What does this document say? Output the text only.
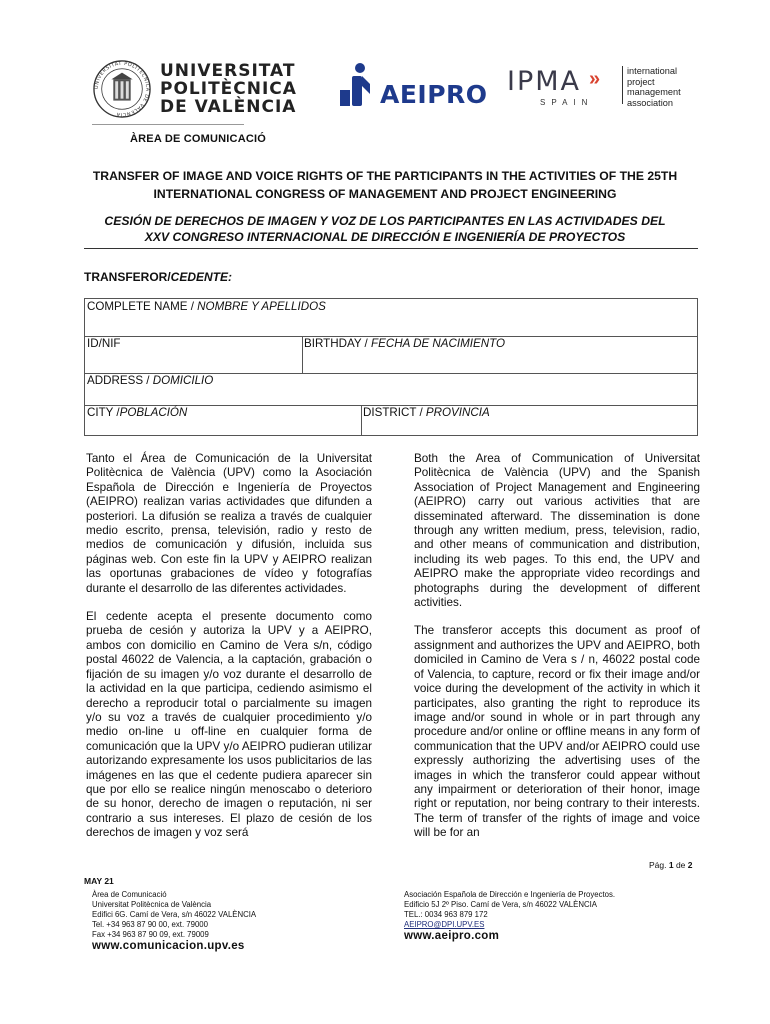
UNIVERSITAT POLITÈCNICA DE VALÈNCIA
UNIVERSITAT
POLITÈCNICA
DE VALÈNCIA
ÀREA DE COMUNICACIÓ
AEIPRO IPMA »
SPAIN
international
project
management
association
TRANSFER OF IMAGE AND VOICE RIGHTS OF THE PARTICIPANTS IN THE ACTIVITIES OF THE 25TH
INTERNATIONAL CONGRESS OF MANAGEMENT AND PROJECT ENGINEERING
CESIÓN DE DERECHOS DE IMAGEN Y VOZ DE LOS PARTICIPANTES EN LAS ACTIVIDADES DEL
XXV CONGRESO INTERNACIONAL DE DIRECCIÓN E INGENIERÍA DE PROYECTOS
TRANSFEROR/CEDENTE:
COMPLETE NAME / NOMBRE Y APELLIDOS
ID/NIF	BIRTHDAY / FECHA DE NACIMIENTO
ADDRESS / DOMICILIO
CITY /POBLACIÓN	DISTRICT / PROVINCIA

Tanto el Área de Comunicación de la Universitat Politècnica de València (UPV) como la Asociación Española de Dirección e Ingeniería de Proyectos (AEIPRO) realizan varias actividades que difunden a posteriori. La difusión se realiza a través de cualquier medio escrito, prensa, televisión, radio y resto de medios de comunicación y difusión, incluida sus páginas web. Con este fin la UPV y AEIPRO realizan las oportunas grabaciones de vídeo y fotografías durante el desarrollo de las diferentes actividades.

El cedente acepta el presente documento como prueba de cesión y autoriza la UPV y a AEIPRO, ambos con domicilio en Camino de Vera s/n, código postal 46022 de Valencia, a la captación, grabación o fijación de su imagen y/o voz durante el desarrollo de la actividad en la que participa, cediendo asimismo el derecho a reproducir total o parcialmente su imagen y/o su voz a través de cualquier procedimiento y/o medio on-line u off-line en cualquier forma de comunicación que la UPV y/o AEIPRO pudieran utilizar autorizando expresamente los usos publicitarios de las imágenes en las que el cedente pudiera aparecer sin que por ello se realice ningún menoscabo o deterioro de su honor, derecho de imagen o reputación, ni ser contrario a sus intereses. El plazo de cesión de los derechos de imagen y voz será

Both the Area of Communication of Universitat Politècnica de València (UPV) and the Spanish Association of Project Management and Engineering (AEIPRO) carry out various activities that are disseminated afterward. The dissemination is done through any written medium, press, television, radio, and other means of communication and distribution, including its web pages. To this end, the UPV and AEIPRO make the appropriate video recordings and photographs during the development of different activities.

The transferor accepts this document as proof of assignment and authorizes the UPV and AEIPRO, both domiciled in Camino de Vera s / n, 46022 postal code of Valencia, to capture, record or fix their image and/or voice during the development of the activity in which it participates, also granting the right to reproduce its image and/or sound in whole or in part through any procedure and/or online or offline means in any form of communication that the UPV and/or AEIPRO could use expressly authorizing the advertising uses of the images in which the transferor could appear without any impairment or deterioration of their honor, image right or reputation, nor being contrary to their interests. The term of transfer of the rights of image and voice will be for an

Pág. 1 de 2
MAY 21
Àrea de Comunicació
Universitat Politècnica de València
Edifici 6G. Camí de Vera, s/n 46022 VALÈNCIA
Tel. +34 963 87 90 00, ext. 79000
Fax +34 963 87 90 09, ext. 79009
www.comunicacion.upv.es
Asociación Española de Dirección e Ingeniería de Proyectos.
Edificio 5J 2º Piso. Camí de Vera, s/n 46022 VALÈNCIA
TEL.: 0034 963 879 172
AEIPRO@DPI.UPV.ES
www.aeipro.com
